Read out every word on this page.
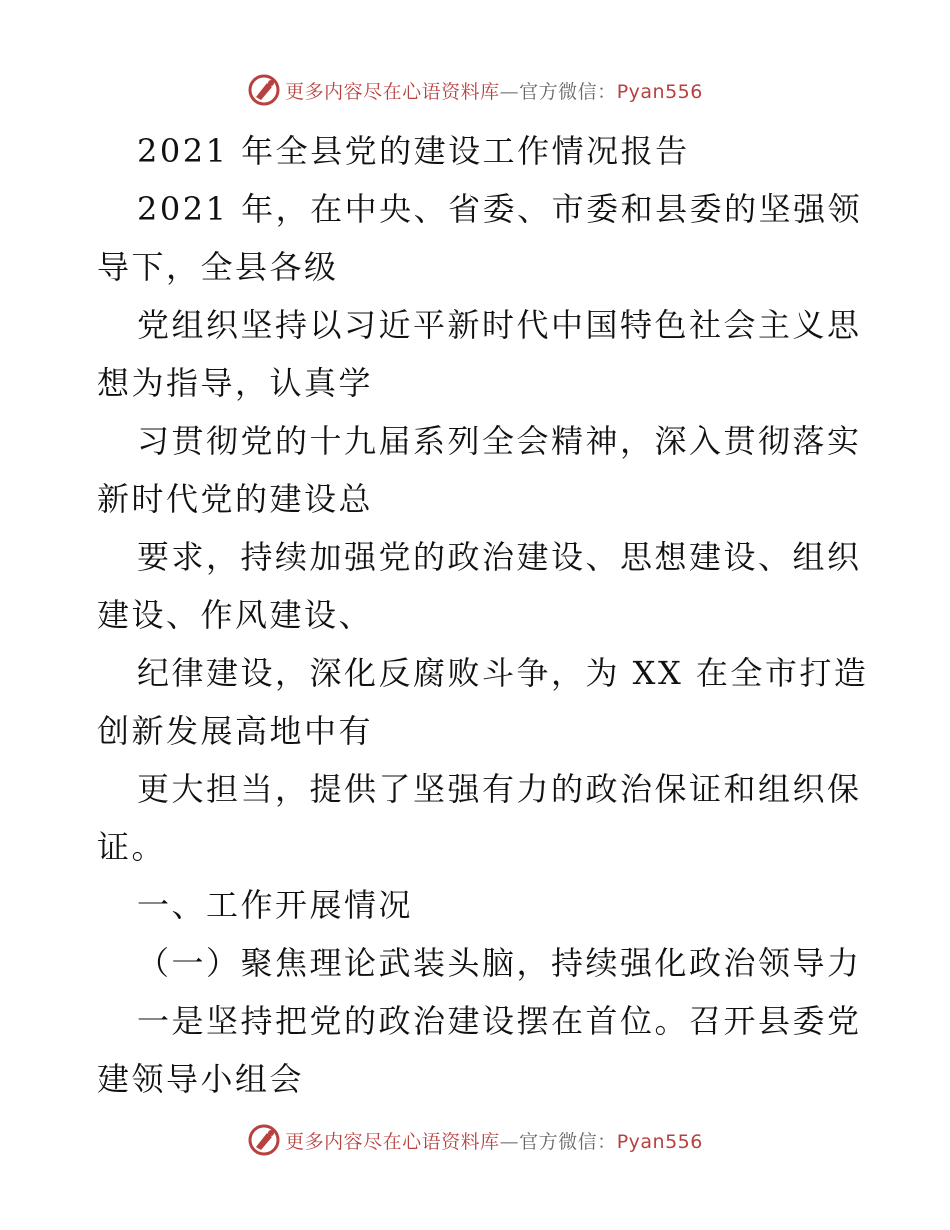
更多内容尽在心语资料库—官方微信：Pyan556
2021 年全县党的建设工作情况报告
2021 年，在中央、省委、市委和县委的坚强领
导下，全县各级
党组织坚持以习近平新时代中国特色社会主义思
想为指导，认真学
习贯彻党的十九届系列全会精神，深入贯彻落实
新时代党的建设总
要求，持续加强党的政治建设、思想建设、组织
建设、作风建设、
纪律建设，深化反腐败斗争，为 XX 在全市打造
创新发展高地中有
更大担当，提供了坚强有力的政治保证和组织保
证。
一、工作开展情况
（一）聚焦理论武装头脑，持续强化政治领导力
一是坚持把党的政治建设摆在首位。召开县委党
建领导小组会
更多内容尽在心语资料库—官方微信：Pyan556
